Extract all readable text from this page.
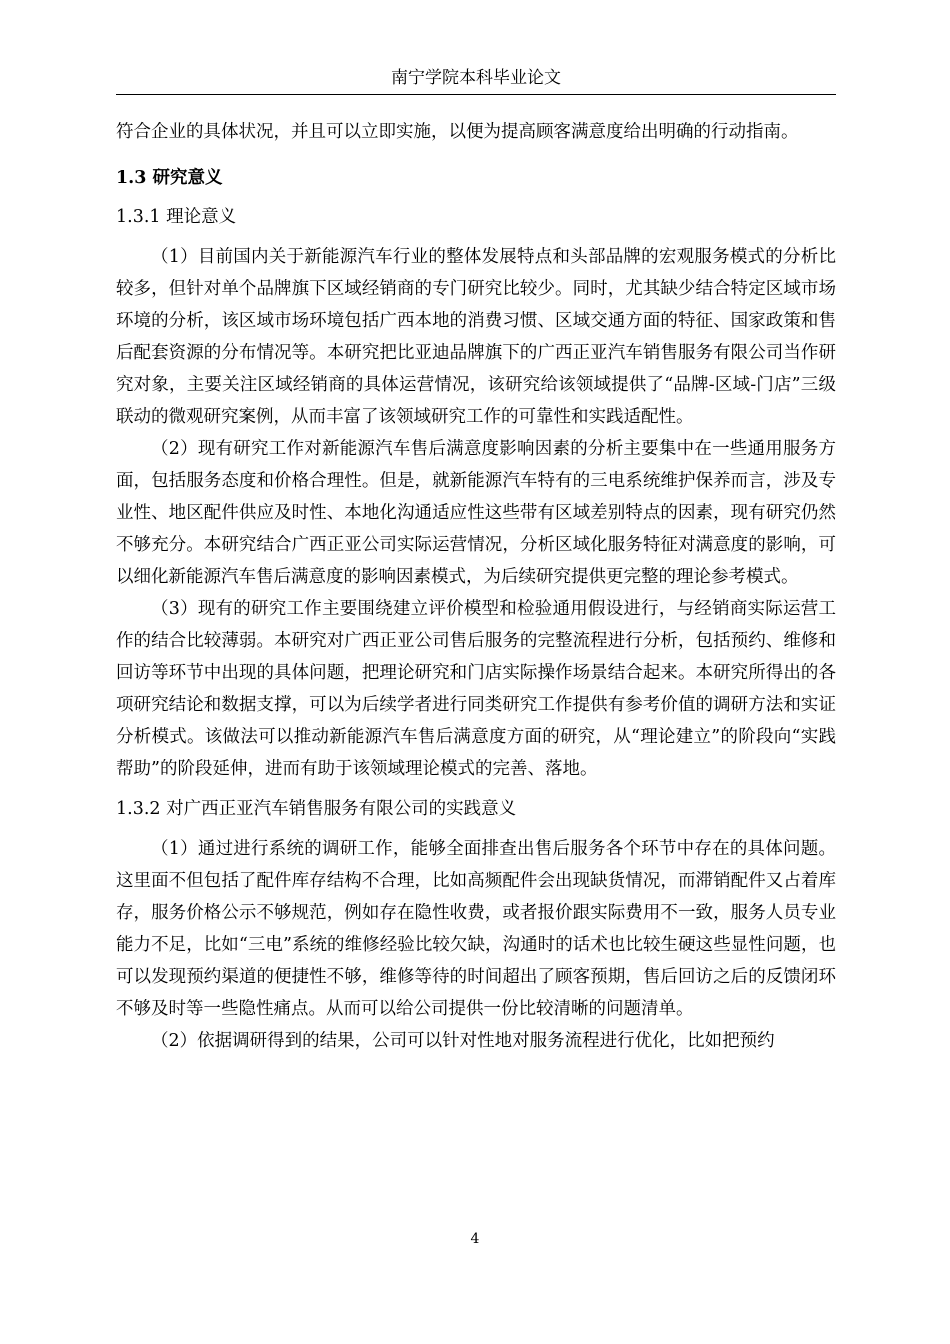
南宁学院本科毕业论文

符合企业的具体状况，并且可以立即实施，以便为提高顾客满意度给出明确的行动指南。

1.3 研究意义
1.3.1 理论意义

（1）目前国内关于新能源汽车行业的整体发展特点和头部品牌的宏观服务模式的分析比较多，但针对单个品牌旗下区域经销商的专门研究比较少。同时，尤其缺少结合特定区域市场环境的分析，该区域市场环境包括广西本地的消费习惯、区域交通方面的特征、国家政策和售后配套资源的分布情况等。本研究把比亚迪品牌旗下的广西正亚汽车销售服务有限公司当作研究对象，主要关注区域经销商的具体运营情况，该研究给该领域提供了“品牌-区域-门店”三级联动的微观研究案例，从而丰富了该领域研究工作的可靠性和实践适配性。

（2）现有研究工作对新能源汽车售后满意度影响因素的分析主要集中在一些通用服务方面，包括服务态度和价格合理性。但是，就新能源汽车特有的三电系统维护保养而言，涉及专业性、地区配件供应及时性、本地化沟通适应性这些带有区域差别特点的因素，现有研究仍然不够充分。本研究结合广西正亚公司实际运营情况，分析区域化服务特征对满意度的影响，可以细化新能源汽车售后满意度的影响因素模式，为后续研究提供更完整的理论参考模式。

（3）现有的研究工作主要围绕建立评价模型和检验通用假设进行，与经销商实际运营工作的结合比较薄弱。本研究对广西正亚公司售后服务的完整流程进行分析，包括预约、维修和回访等环节中出现的具体问题，把理论研究和门店实际操作场景结合起来。本研究所得出的各项研究结论和数据支撑，可以为后续学者进行同类研究工作提供有参考价值的调研方法和实证分析模式。该做法可以推动新能源汽车售后满意度方面的研究，从“理论建立”的阶段向“实践帮助”的阶段延伸，进而有助于该领域理论模式的完善、落地。

1.3.2 对广西正亚汽车销售服务有限公司的实践意义

（1）通过进行系统的调研工作，能够全面排查出售后服务各个环节中存在的具体问题。这里面不但包括了配件库存结构不合理，比如高频配件会出现缺货情况，而滞销配件又占着库存，服务价格公示不够规范，例如存在隐性收费，或者报价跟实际费用不一致，服务人员专业能力不足，比如“三电”系统的维修经验比较欠缺，沟通时的话术也比较生硬这些显性问题，也可以发现预约渠道的便捷性不够，维修等待的时间超出了顾客预期，售后回访之后的反馈闭环不够及时等一些隐性痛点。从而可以给公司提供一份比较清晰的问题清单。

（2）依据调研得到的结果，公司可以针对性地对服务流程进行优化，比如把预约

4
